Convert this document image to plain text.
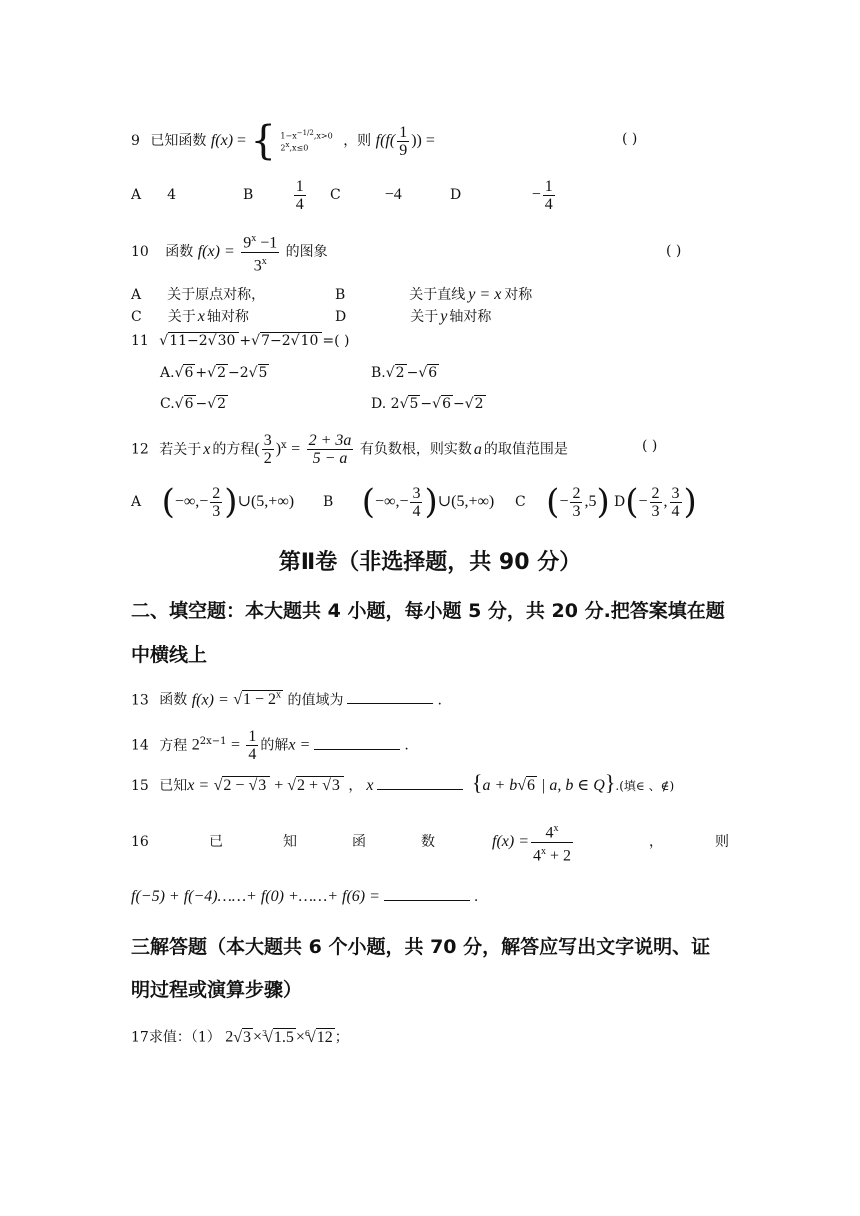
9 已知函数 f(x) = { $1-x^{-1/2},x>0$
$2^x,x\le 0$	，则 $f(f( \frac{1}{9}$ )) =	( )
A 4	B	$\frac{1}{4}$ C	−4	D	− $\frac{1}{4}$
10 函数 $f(x) = \frac{9^x -1}{3^x}$ 的图象	( )
A 关于原点对称，	B	关于直线 y = x 对称
C 关于 x 轴对称	D	关于 y 轴对称
11 √ 11−2 √ 30 + √ 7−2 √ 10 =( )
A. √ 6 + √ 2 −2 √ 5	B. √ 2 − √ 6
C. √ 6 − √ 2	D. 2 √ 5 − √ 6 − √ 2
12 若关于 x 的方程( $\frac{3}{2} )^x = \frac{2 + 3a}{5 - a}$ 有负数根，则实数 a 的取值范围是	( )
A (−∞,− $\frac{2}{3}$ )∪(5,+∞) B (−∞,− $\frac{3}{4}$ )∪(5,+∞) C (− $\frac{2}{3} ,5$) $D(- \frac{2}{3}$ , $\frac{3}{4}$ )
第Ⅱ卷（非选择题，共 90 分）
二、填空题：本大题共 4 小题，每小题 5 分，共 20 分.把答案填在题
中横线上
13 函数 f(x) = √ $1 - 2^x$ 的值域为	.
14 方程 $2^{2x-1} = \frac{1}{4}$ 的解x =	.
15 已知x = √ 2 − √ 3 + √ 2 + √ 3 ， x	{a + b √ 6 | a, b ∈ Q}.(填∈ 、∉)
16	已	知	函	数	$f(x) = \frac{4^x}{4^x + 2}$	，	则
f(−5) + f(−4)……+ f(0) +……+ f(6) =	.
三解答题（本大题共 6 个小题，共 70 分，解答应写出文字说明、证
明过程或演算步骤）
17求值：（1） 2 √ 3 ×$^3$ √ 1.5 ×$^6$ √ 12 ；
